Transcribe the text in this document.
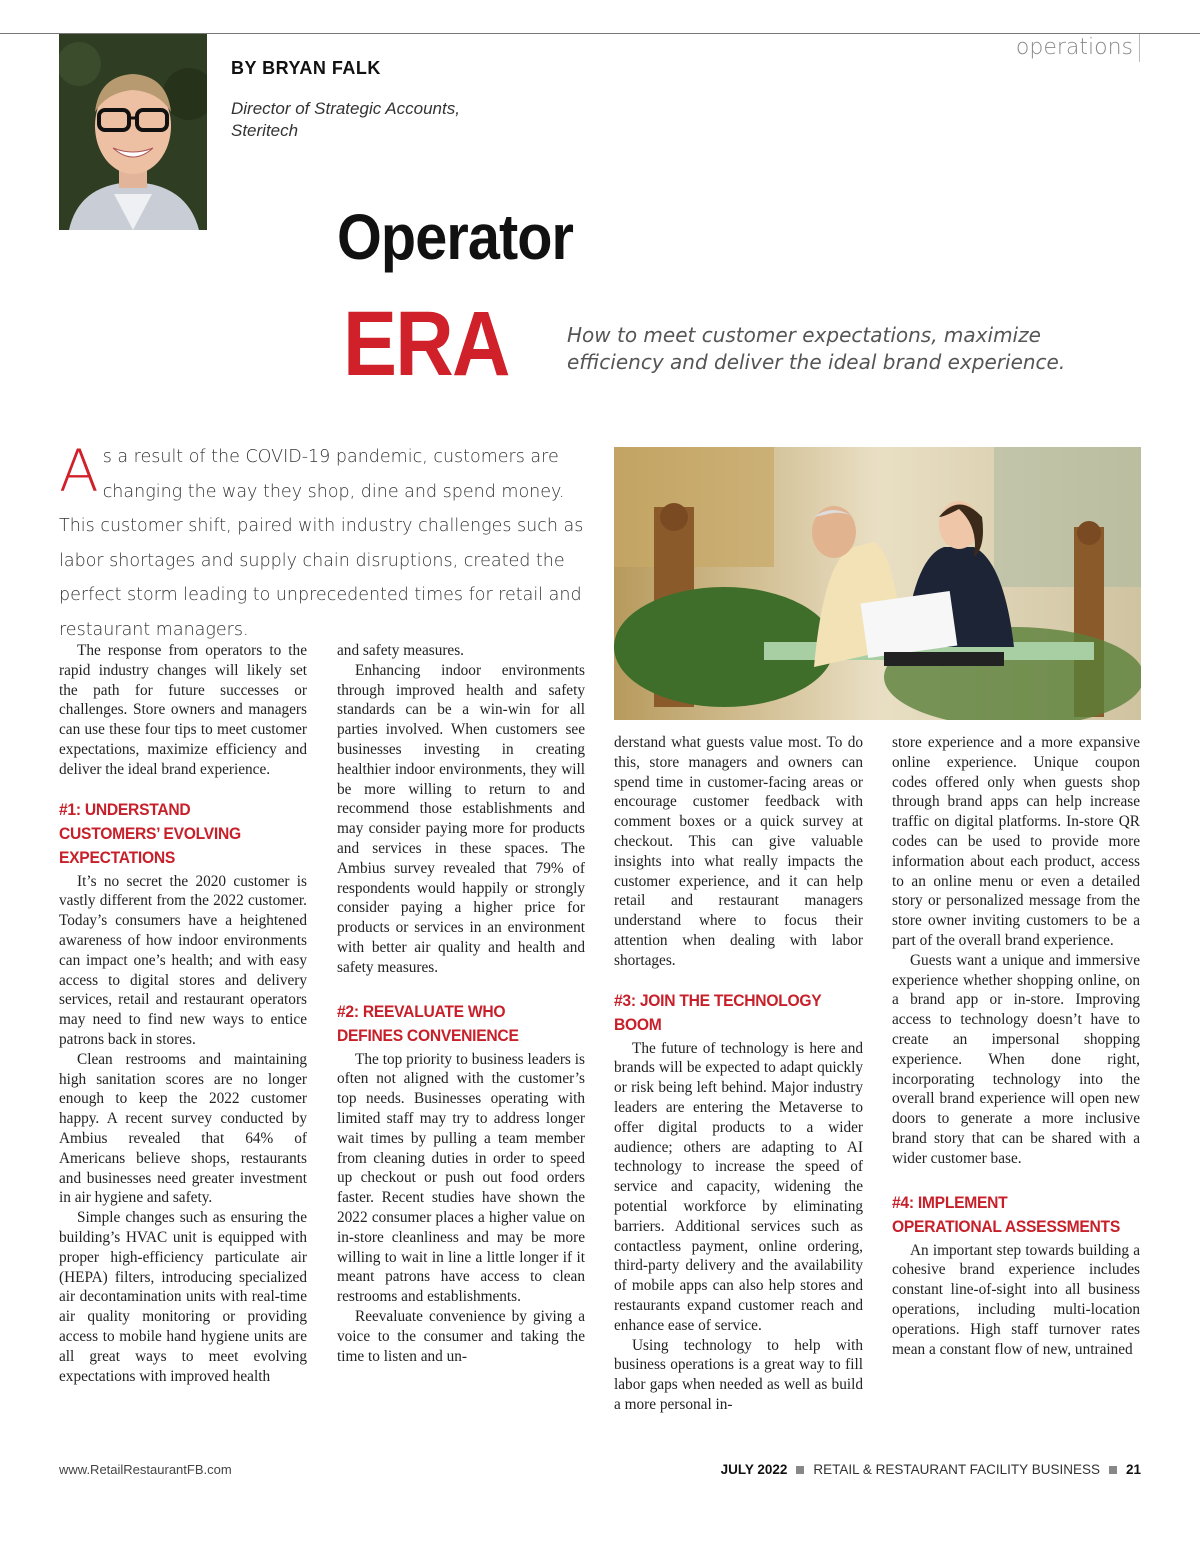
operations
BY BRYAN FALK
Director of Strategic Accounts,
Steritech
Operator
ERA	How to meet customer expectations, maximize efficiency and deliver the ideal brand experience.
As a result of the COVID-19 pandemic, customers are changing the way they shop, dine and spend money. This customer shift, paired with industry challenges such as labor shortages and supply chain disruptions, created the perfect storm leading to unprecedented times for retail and restaurant managers.

The response from operators to the rapid industry changes will likely set the path for future successes or challenges. Store owners and managers can use these four tips to meet customer expectations, maximize efficiency and deliver the ideal brand experience.

#1: UNDERSTAND CUSTOMERS’ EVOLVING EXPECTATIONS

It’s no secret the 2020 customer is vastly different from the 2022 customer. Today’s consumers have a heightened awareness of how indoor environments can impact one’s health; and with easy access to digital stores and delivery services, retail and restaurant operators may need to find new ways to entice patrons back in stores.

Clean restrooms and maintaining high sanitation scores are no longer enough to keep the 2022 customer happy. A recent survey conducted by Ambius revealed that 64% of Americans believe shops, restaurants and businesses need greater investment in air hygiene and safety.

Simple changes such as ensuring the building’s HVAC unit is equipped with proper high-efficiency particulate air (HEPA) filters, introducing specialized air decontamination units with real-time air quality monitoring or providing access to mobile hand hygiene units are all great ways to meet evolving expectations with improved health

and safety measures.

Enhancing indoor environments through improved health and safety standards can be a win-win for all parties involved. When customers see businesses investing in creating healthier indoor environments, they will be more willing to return to and recommend those establishments and may consider paying more for products and services in these spaces. The Ambius survey revealed that 79% of respondents would happily or strongly consider paying a higher price for products or services in an environment with better air quality and health and safety measures.

#2: REEVALUATE WHO DEFINES CONVENIENCE

The top priority to business leaders is often not aligned with the customer’s top needs. Businesses operating with limited staff may try to address longer wait times by pulling a team member from cleaning duties in order to speed up checkout or push out food orders faster. Recent studies have shown the 2022 consumer places a higher value on in-store cleanliness and may be more willing to wait in line a little longer if it meant patrons have access to clean restrooms and establishments.

Reevaluate convenience by giving a voice to the consumer and taking the time to listen and un-

derstand what guests value most. To do this, store managers and owners can spend time in customer-facing areas or encourage customer feedback with comment boxes or a quick survey at checkout. This can give valuable insights into what really impacts the customer experience, and it can help retail and restaurant managers understand where to focus their attention when dealing with labor shortages.

#3: JOIN THE TECHNOLOGY BOOM

The future of technology is here and brands will be expected to adapt quickly or risk being left behind. Major industry leaders are entering the Metaverse to offer digital products to a wider audience; others are adapting to AI technology to increase the speed of service and capacity, widening the potential workforce by eliminating barriers. Additional services such as contactless payment, online ordering, third-party delivery and the availability of mobile apps can also help stores and restaurants expand customer reach and enhance ease of service.

Using technology to help with business operations is a great way to fill labor gaps when needed as well as build a more personal in-

store experience and a more expansive online experience. Unique coupon codes offered only when guests shop through brand apps can help increase traffic on digital platforms. In-store QR codes can be used to provide more information about each product, access to an online menu or even a detailed story or personalized message from the store owner inviting customers to be a part of the overall brand experience.

Guests want a unique and immersive experience whether shopping online, on a brand app or in-store. Improving access to technology doesn’t have to create an impersonal shopping experience. When done right, incorporating technology into the overall brand experience will open new doors to generate a more inclusive brand story that can be shared with a wider customer base.

#4: IMPLEMENT OPERATIONAL ASSESSMENTS

An important step towards building a cohesive brand experience includes constant line-of-sight into all business operations, including multi-location operations. High staff turnover rates mean a constant flow of new, untrained

www.RetailRestaurantFB.com	JULY 2022 RETAIL & RESTAURANT FACILITY BUSINESS 21
